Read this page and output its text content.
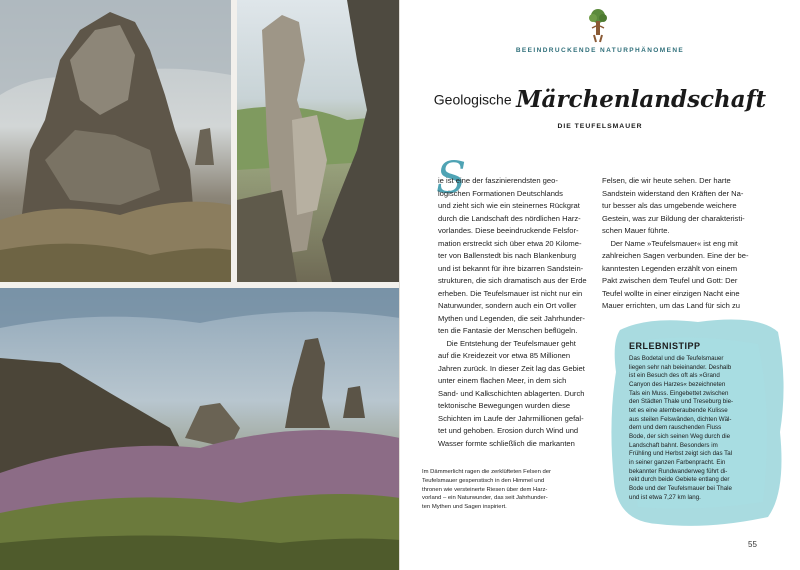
BEEINDRUCKENDE NATURPHÄNOMENE
Geologische Märchenlandschaft
DIE TEUFELSMAUER
S

ie ist eine der faszinierendsten geo-
logischen Formationen Deutschlands
und zieht sich wie ein steinernes Rückgrat
durch die Landschaft des nördlichen Harz-
vorlandes. Diese beeindruckende Felsfor-
mation erstreckt sich über etwa 20 Kilome-
ter von Ballenstedt bis nach Blankenburg
und ist bekannt für ihre bizarren Sandstein-
strukturen, die sich dramatisch aus der Erde
erheben. Die Teufelsmauer ist nicht nur ein
Naturwunder, sondern auch ein Ort voller
Mythen und Legenden, die seit Jahrhunder-
ten die Fantasie der Menschen beflügeln.
Die Entstehung der Teufelsmauer geht
auf die Kreidezeit vor etwa 85 Millionen
Jahren zurück. In dieser Zeit lag das Gebiet
unter einem flachen Meer, in dem sich
Sand- und Kalkschichten ablagerten. Durch
tektonische Bewegungen wurden diese
Schichten im Laufe der Jahrmillionen gefal-
tet und gehoben. Erosion durch Wind und
Wasser formte schließlich die markanten

Felsen, die wir heute sehen. Der harte
Sandstein widerstand den Kräften der Na-
tur besser als das umgebende weichere
Gestein, was zur Bildung der charakteristi-
schen Mauer führte.
Der Name »Teufelsmauer« ist eng mit
zahlreichen Sagen verbunden. Eine der be-
kanntesten Legenden erzählt von einem
Pakt zwischen dem Teufel und Gott: Der
Teufel wollte in einer einzigen Nacht eine
Mauer errichten, um das Land für sich zu

ERLEBNISTIPP

Das Bodetal und die Teufelsmauer
liegen sehr nah beieinander. Deshalb
ist ein Besuch des oft als »Grand
Canyon des Harzes« bezeichneten
Tals ein Muss. Eingebettet zwischen
den Städten Thale und Treseburg bie-
tet es eine atemberaubende Kulisse
aus steilen Felswänden, dichten Wäl-
dern und dem rauschenden Fluss
Bode, der sich seinen Weg durch die
Landschaft bahnt. Besonders im
Frühling und Herbst zeigt sich das Tal
in seiner ganzen Farbenpracht. Ein
bekannter Rundwanderweg führt di-
rekt durch beide Gebiete entlang der
Bode und der Teufelsmauer bei Thale
und ist etwa 7,27 km lang.

Im Dämmerlicht ragen die zerklüfteten Felsen der
Teufelsmauer gespenstisch in den Himmel und
thronen wie versteinerte Riesen über dem Harz-
vorland – ein Naturwunder, das seit Jahrhunder-
ten Mythen und Sagen inspiriert.

55
